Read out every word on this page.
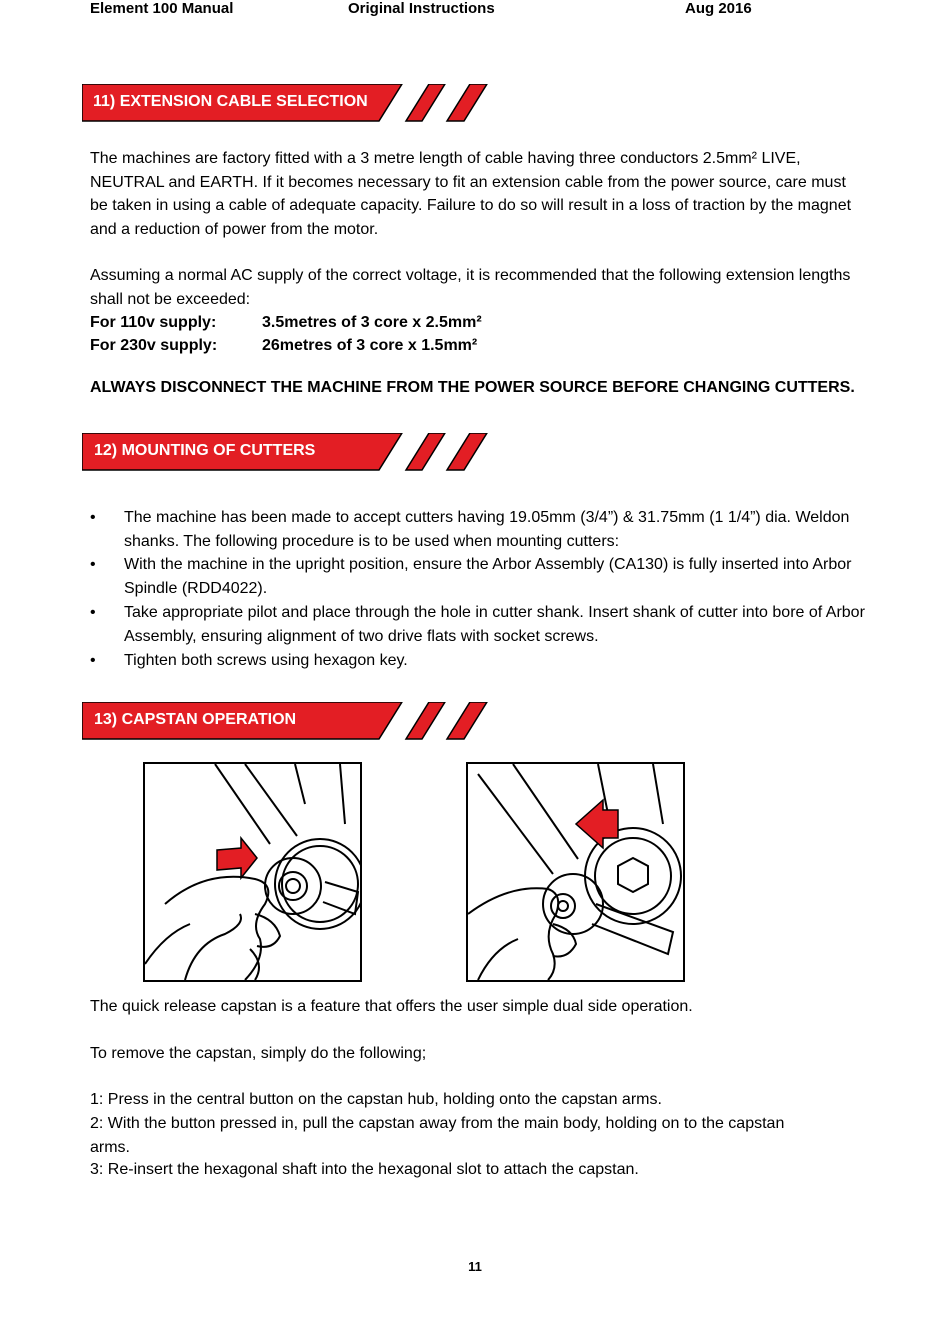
Element 100 Manual	Original Instructions	Aug 2016
11) EXTENSION CABLE SELECTION
The machines are factory fitted with a 3 metre length of cable having three conductors 2.5mm² LIVE, NEUTRAL and EARTH. If it becomes necessary to fit an extension cable from the power source, care must be taken in using a cable of adequate capacity. Failure to do so will result in a loss of traction by the magnet and a reduction of power from the motor.
Assuming a normal AC supply of the correct voltage, it is recommended that the following extension lengths shall not be exceeded:
For 110v supply:	3.5metres of 3 core x 2.5mm²
For 230v supply:	26metres of 3 core x 1.5mm²
ALWAYS DISCONNECT THE MACHINE FROM THE POWER SOURCE BEFORE CHANGING CUTTERS.
12) MOUNTING OF CUTTERS
• The machine has been made to accept cutters having 19.05mm (3/4”) & 31.75mm (1 1/4”) dia. Weldon shanks. The following procedure is to be used when mounting cutters:
• With the machine in the upright position, ensure the Arbor Assembly (CA130) is fully inserted into Arbor Spindle (RDD4022).
• Take appropriate pilot and place through the hole in cutter shank. Insert shank of cutter into bore of Arbor Assembly, ensuring alignment of two drive flats with socket screws.
• Tighten both screws using hexagon key.
13) CAPSTAN OPERATION
The quick release capstan is a feature that offers the user simple dual side operation.
To remove the capstan, simply do the following;
1: Press in the central button on the capstan hub, holding onto the capstan arms.
2: With the button pressed in, pull the capstan away from the main body, holding on to the capstan arms.
3: Re-insert the hexagonal shaft into the hexagonal slot to attach the capstan.
11
